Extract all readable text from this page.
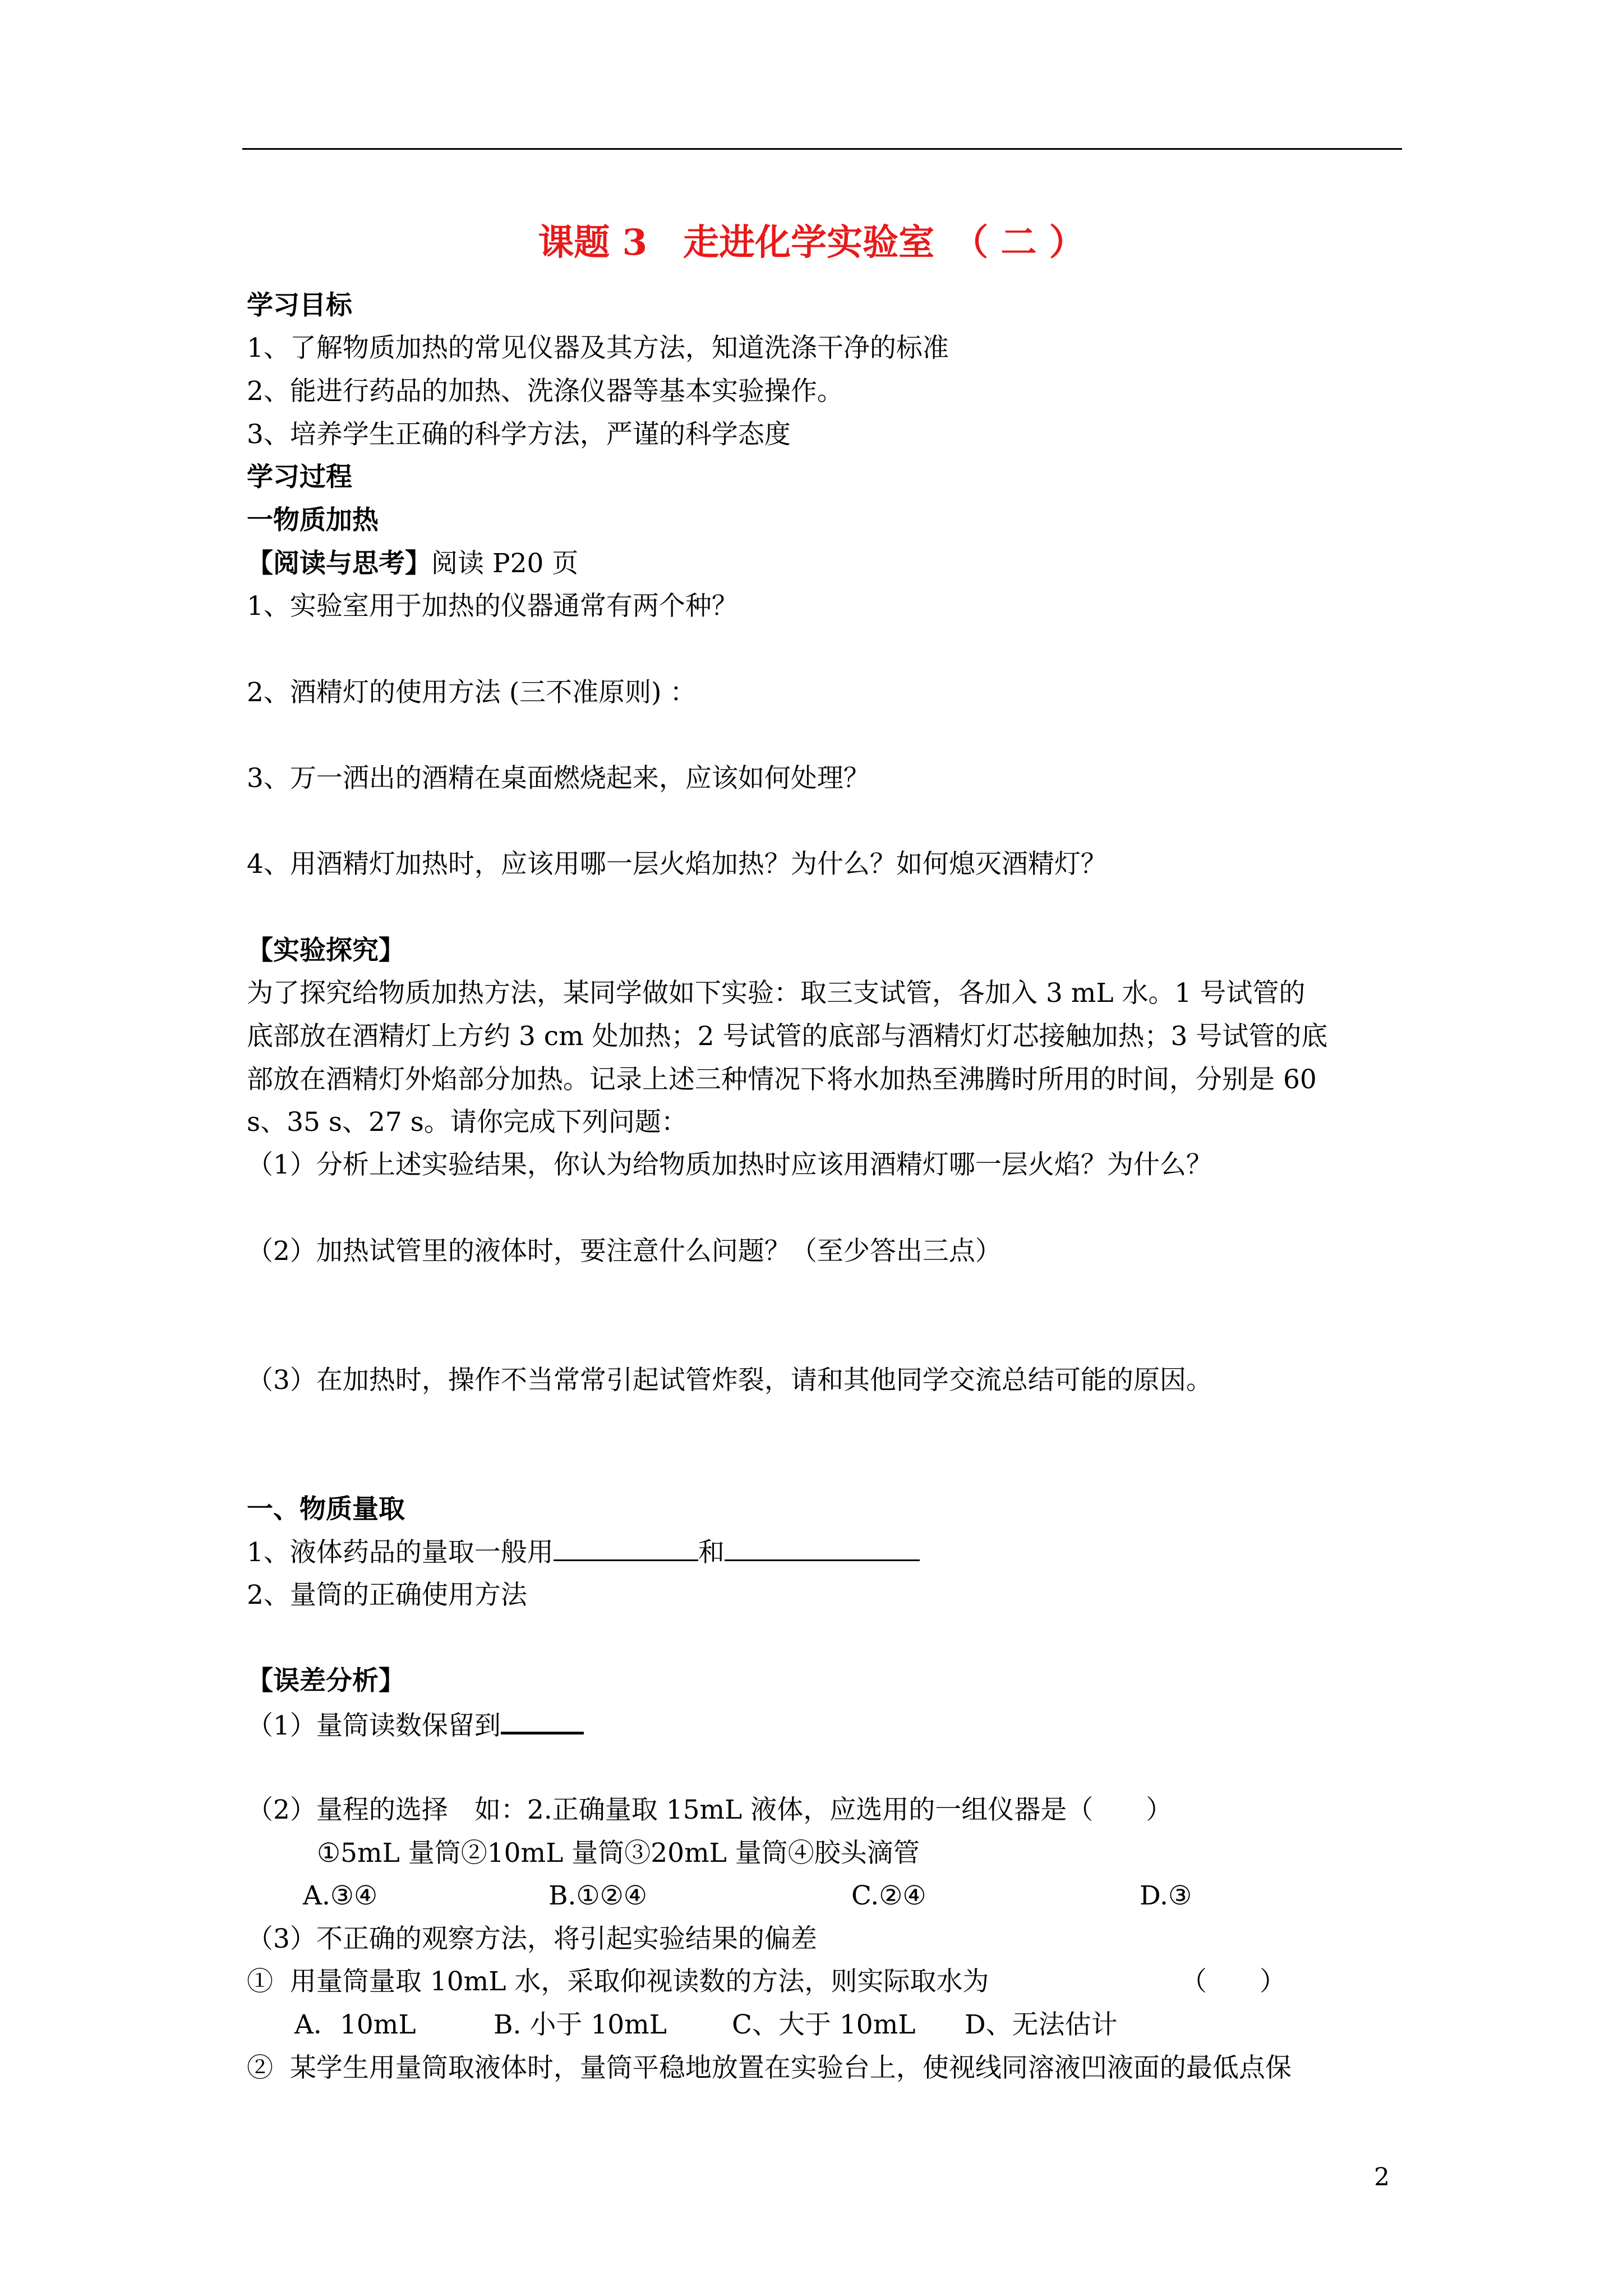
课题 3　走进化学实验室　（ 二 ）
学习目标
1、了解物质加热的常见仪器及其方法，知道洗涤干净的标准
2、能进行药品的加热、洗涤仪器等基本实验操作。
3、培养学生正确的科学方法，严谨的科学态度
学习过程
一物质加热
【阅读与思考】阅读 P20 页
1、实验室用于加热的仪器通常有两个种？
2、酒精灯的使用方法 (三不准原则) ：
3、万一洒出的酒精在桌面燃烧起来，应该如何处理？
4、用酒精灯加热时，应该用哪一层火焰加热？为什么？如何熄灭酒精灯？
【实验探究】
为了探究给物质加热方法，某同学做如下实验：取三支试管，各加入 3 mL 水。1 号试管的
底部放在酒精灯上方约 3 cm 处加热；2 号试管的底部与酒精灯灯芯接触加热；3 号试管的底
部放在酒精灯外焰部分加热。记录上述三种情况下将水加热至沸腾时所用的时间，分别是 60
s、35 s、27 s。请你完成下列问题：
（1）分析上述实验结果，你认为给物质加热时应该用酒精灯哪一层火焰？为什么？
（2）加热试管里的液体时，要注意什么问题？（至少答出三点）
（3）在加热时，操作不当常常引起试管炸裂，请和其他同学交流总结可能的原因。
一、物质量取
1、液体药品的量取一般用	和
2、量筒的正确使用方法
【误差分析】
（1）量筒读数保留到
（2）量程的选择　如：2.正确量取 15mL 液体，应选用的一组仪器是（　　）
①5mL 量筒②10mL 量筒③20mL 量筒④胶头滴管
A.③④	B.①②④	C.②④	D.③
（3）不正确的观察方法，将引起实验结果的偏差
①  用量筒量取 10mL 水，采取仰视读数的方法，则实际取水为	（　　）
A．10mL	B. 小于 10mL C、大于 10mL D、无法估计
②  某学生用量筒取液体时，量筒平稳地放置在实验台上，使视线同溶液凹液面的最低点保
2
